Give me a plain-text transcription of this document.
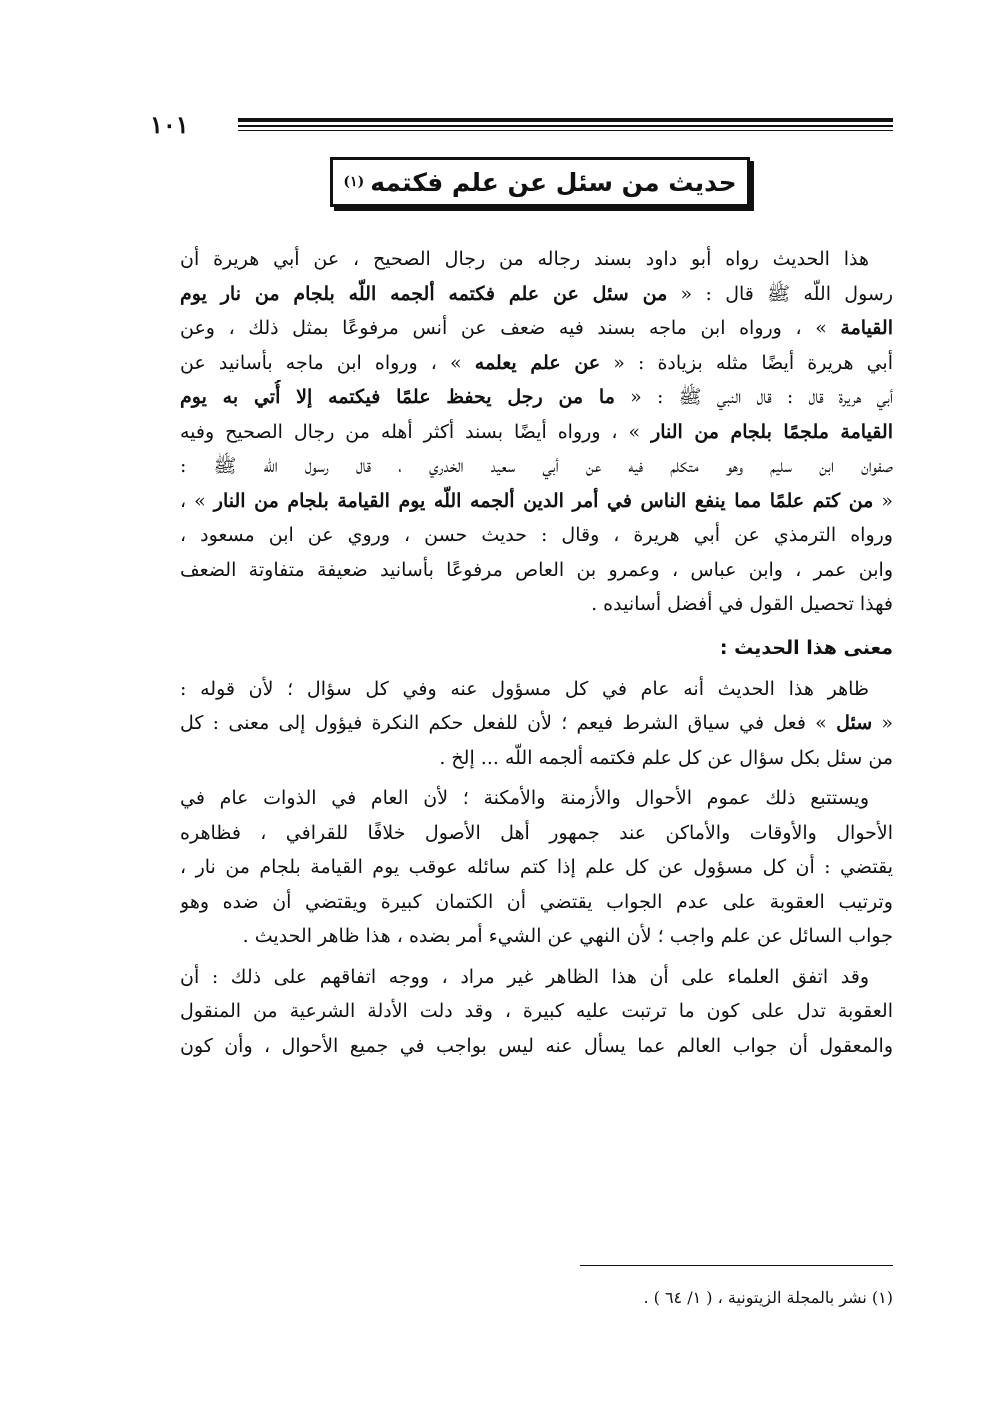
١٠١
حديث من سئل عن علم فكتمه
(١)
هذا الحديث رواه أبو داود بسند رجاله من رجال الصحيح ، عن أبي هريرة أن
رسول اللّه ﷺ قال : « من سئل عن علم فكتمه ألجمه اللّه بلجام من نار يوم
القيامة » ، ورواه ابن ماجه بسند فيه ضعف عن أنس مرفوعًا بمثل ذلك ، وعن
أبي هريرة أيضًا مثله بزيادة : « عن علم يعلمه » ، ورواه ابن ماجه بأسانيد عن
أبي هريرة قال : قال النبي ﷺ : « ما من رجل يحفظ علمًا فيكتمه إلا أُتي به يوم
القيامة ملجمًا بلجام من النار » ، ورواه أيضًا بسند أكثر أهله من رجال الصحيح وفيه
صفوان ابن سليم وهو متكلم فيه عن أبي سعيد الخدري ، قال رسول اللّه ﷺ :
« من كتم علمًا مما ينفع الناس في أمر الدين ألجمه اللّه يوم القيامة بلجام من النار » ،
ورواه الترمذي عن أبي هريرة ، وقال : حديث حسن ، وروي عن ابن مسعود ،
وابن عمر ، وابن عباس ، وعمرو بن العاص مرفوعًا بأسانيد ضعيفة متفاوتة الضعف
فهذا تحصيل القول في أفضل أسانيده .
معنى هذا الحديث :
ظاهر هذا الحديث أنه عام في كل مسؤول عنه وفي كل سؤال ؛ لأن قوله :
« سئل » فعل في سياق الشرط فيعم ؛ لأن للفعل حكم النكرة فيؤول إلى معنى : كل
من سئل بكل سؤال عن كل علم فكتمه ألجمه اللّه ... إلخ .
ويستتبع ذلك عموم الأحوال والأزمنة والأمكنة ؛ لأن العام في الذوات عام في
الأحوال والأوقات والأماكن عند جمهور أهل الأصول خلافًا للقرافي ، فظاهره
يقتضي : أن كل مسؤول عن كل علم إذا كتم سائله عوقب يوم القيامة بلجام من نار ،
وترتيب العقوبة على عدم الجواب يقتضي أن الكتمان كبيرة ويقتضي أن ضده وهو
جواب السائل عن علم واجب ؛ لأن النهي عن الشيء أمر بضده ، هذا ظاهر الحديث .
وقد اتفق العلماء على أن هذا الظاهر غير مراد ، ووجه اتفاقهم على ذلك : أن
العقوبة تدل على كون ما ترتبت عليه كبيرة ، وقد دلت الأدلة الشرعية من المنقول
والمعقول أن جواب العالم عما يسأل عنه ليس بواجب في جميع الأحوال ، وأن كون
(١) نشر بالمجلة الزيتونية ، ( ١/ ٦٤ ) .
